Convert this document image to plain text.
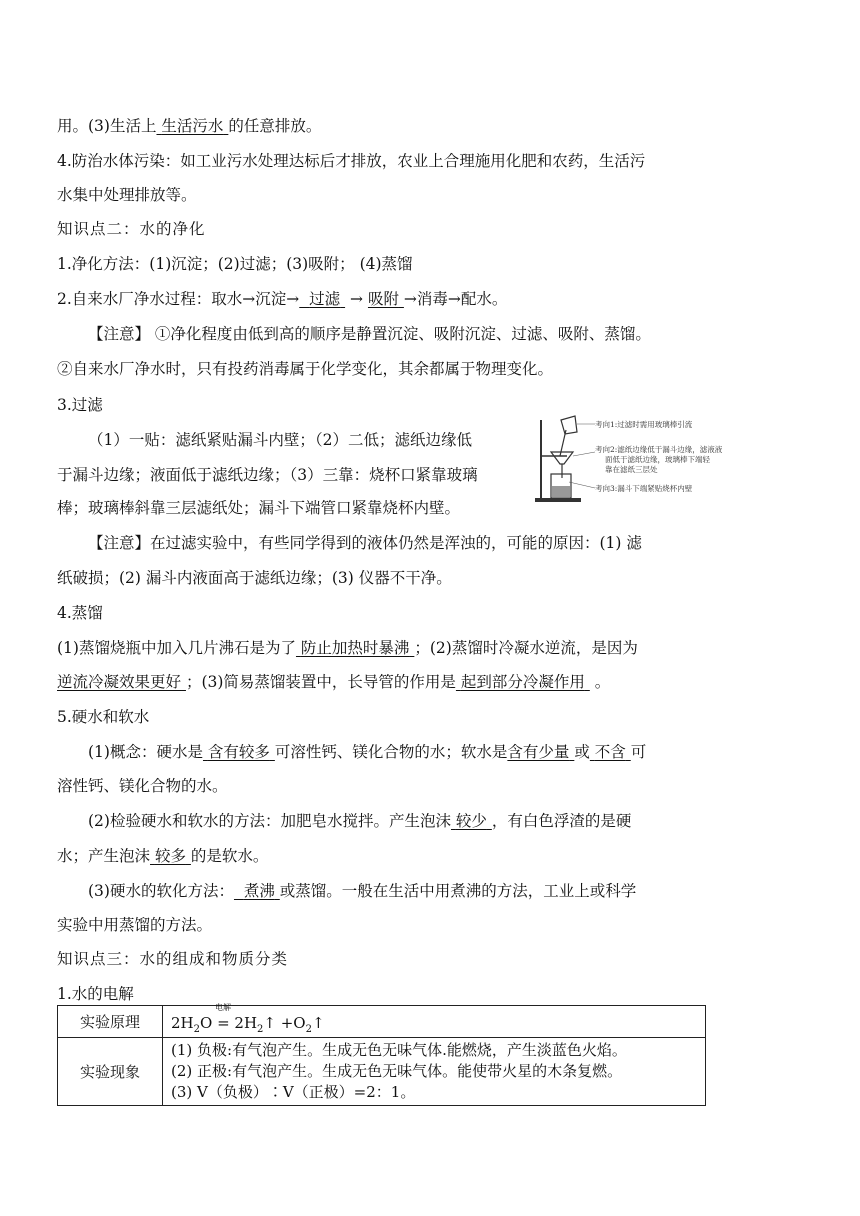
用。(3)生活上 生活污水 的任意排放。
4.防治水体污染：如工业污水处理达标后才排放，农业上合理施用化肥和农药，生活污
水集中处理排放等。
知识点二：水的净化
1.净化方法：(1)沉淀；(2)过滤；(3)吸附； (4)蒸馏
2.自来水厂净水过程：取水→沉淀→ 过滤 → 吸附 →消毒→配水。
【注意】 ①净化程度由低到高的顺序是静置沉淀、吸附沉淀、过滤、吸附、蒸馏。
②自来水厂净水时，只有投药消毒属于化学变化，其余都属于物理变化。
3.过滤
（1）一贴：滤纸紧贴漏斗内壁；（2）二低；滤纸边缘低
于漏斗边缘；液面低于滤纸边缘；（3）三靠：烧杯口紧靠玻璃
棒；玻璃棒斜靠三层滤纸处；漏斗下端管口紧靠烧杯内壁。
考向1:过滤时需用玻璃棒引流
考向2:滤纸边缘低于漏斗边缘，滤液液
面低于滤纸边缘，玻璃棒下端轻
靠在滤纸三层处
考向3:漏斗下端紧贴烧杯内壁
【注意】在过滤实验中，有些同学得到的液体仍然是浑浊的，可能的原因：(1) 滤
纸破损；(2) 漏斗内液面高于滤纸边缘；(3) 仪器不干净。
4.蒸馏
(1)蒸馏烧瓶中加入几片沸石是为了 防止加热时暴沸 ；(2)蒸馏时冷凝水逆流，是因为
逆流冷凝效果更好 ；(3)简易蒸馏装置中，长导管的作用是 起到部分冷凝作用 。
5.硬水和软水
(1)概念：硬水是 含有较多 可溶性钙、镁化合物的水；软水是含有少量 或 不含 可
溶性钙、镁化合物的水。
(2)检验硬水和软水的方法：加肥皂水搅拌。产生泡沫 较少 ，有白色浮渣的是硬
水；产生泡沫 较多 的是软水。
(3)硬水的软化方法： 煮沸 或蒸馏。一般在生活中用煮沸的方法，工业上或科学
实验中用蒸馏的方法。
知识点三：水的组成和物质分类
1.水的电解
实验原理	电解
$2H_2O$ = $2H_2↑$ $+O_2↑$
实验现象	(1) 负极:有气泡产生。生成无色无味气体.能燃烧，产生淡蓝色火焰。
(2) 正极:有气泡产生。生成无色无味气体。能使带火星的木条复燃。
(3) V（负极）∶V（正极）=2：1。
